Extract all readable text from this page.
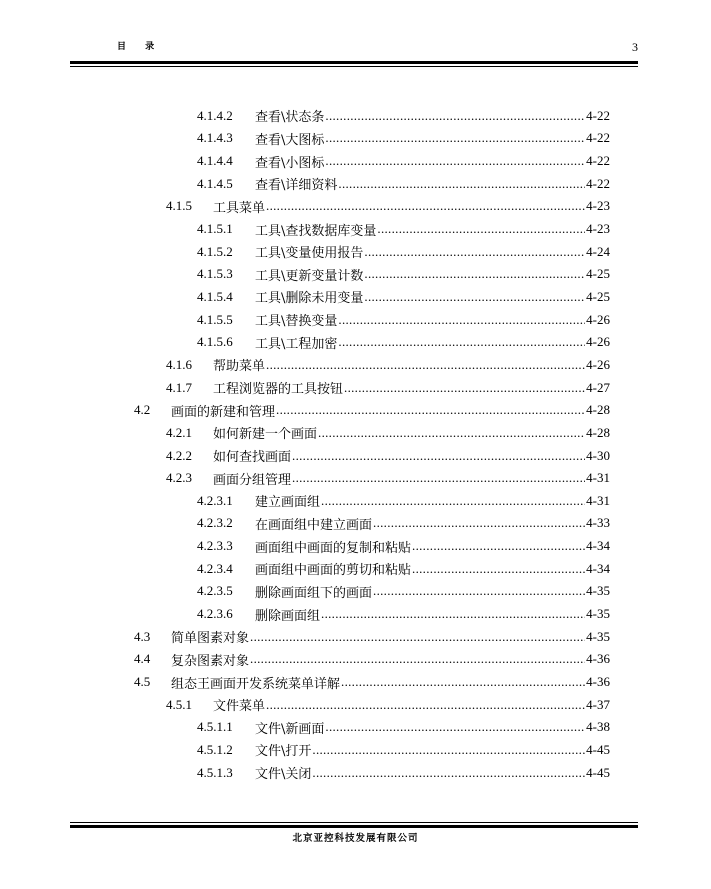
目 录	3
4.1.4.2	查看\状态条 .....	4-22
4.1.4.3	查看\大图标 .....	4-22
4.1.4.4	查看\小图标 .....	4-22
4.1.4.5	查看\详细资料 .....	4-22
4.1.5	工具菜单 .....	4-23
4.1.5.1	工具\查找数据库变量 .....	4-23
4.1.5.2	工具\变量使用报告 .....	4-24
4.1.5.3	工具\更新变量计数 .....	4-25
4.1.5.4	工具\删除未用变量 .....	4-25
4.1.5.5	工具\替换变量 .....	4-26
4.1.5.6	工具\工程加密 .....	4-26
4.1.6	帮助菜单 .....	4-26
4.1.7	工程浏览器的工具按钮 .....	4-27
4.2	画面的新建和管理 .....	4-28
4.2.1	如何新建一个画面 .....	4-28
4.2.2	如何查找画面 .....	4-30
4.2.3	画面分组管理 .....	4-31
4.2.3.1	建立画面组 .....	4-31
4.2.3.2	在画面组中建立画面 .....	4-33
4.2.3.3	画面组中画面的复制和粘贴 .....	4-34
4.2.3.4	画面组中画面的剪切和粘贴 .....	4-34
4.2.3.5	删除画面组下的画面 .....	4-35
4.2.3.6	删除画面组 .....	4-35
4.3	简单图素对象 .....	4-35
4.4	复杂图素对象 .....	4-36
4.5	组态王画面开发系统菜单详解 .....	4-36
4.5.1	文件菜单 .....	4-37
4.5.1.1	文件\新画面 .....	4-38
4.5.1.2	文件\打开 .....	4-45
4.5.1.3	文件\关闭 .....	4-45
北京亚控科技发展有限公司
